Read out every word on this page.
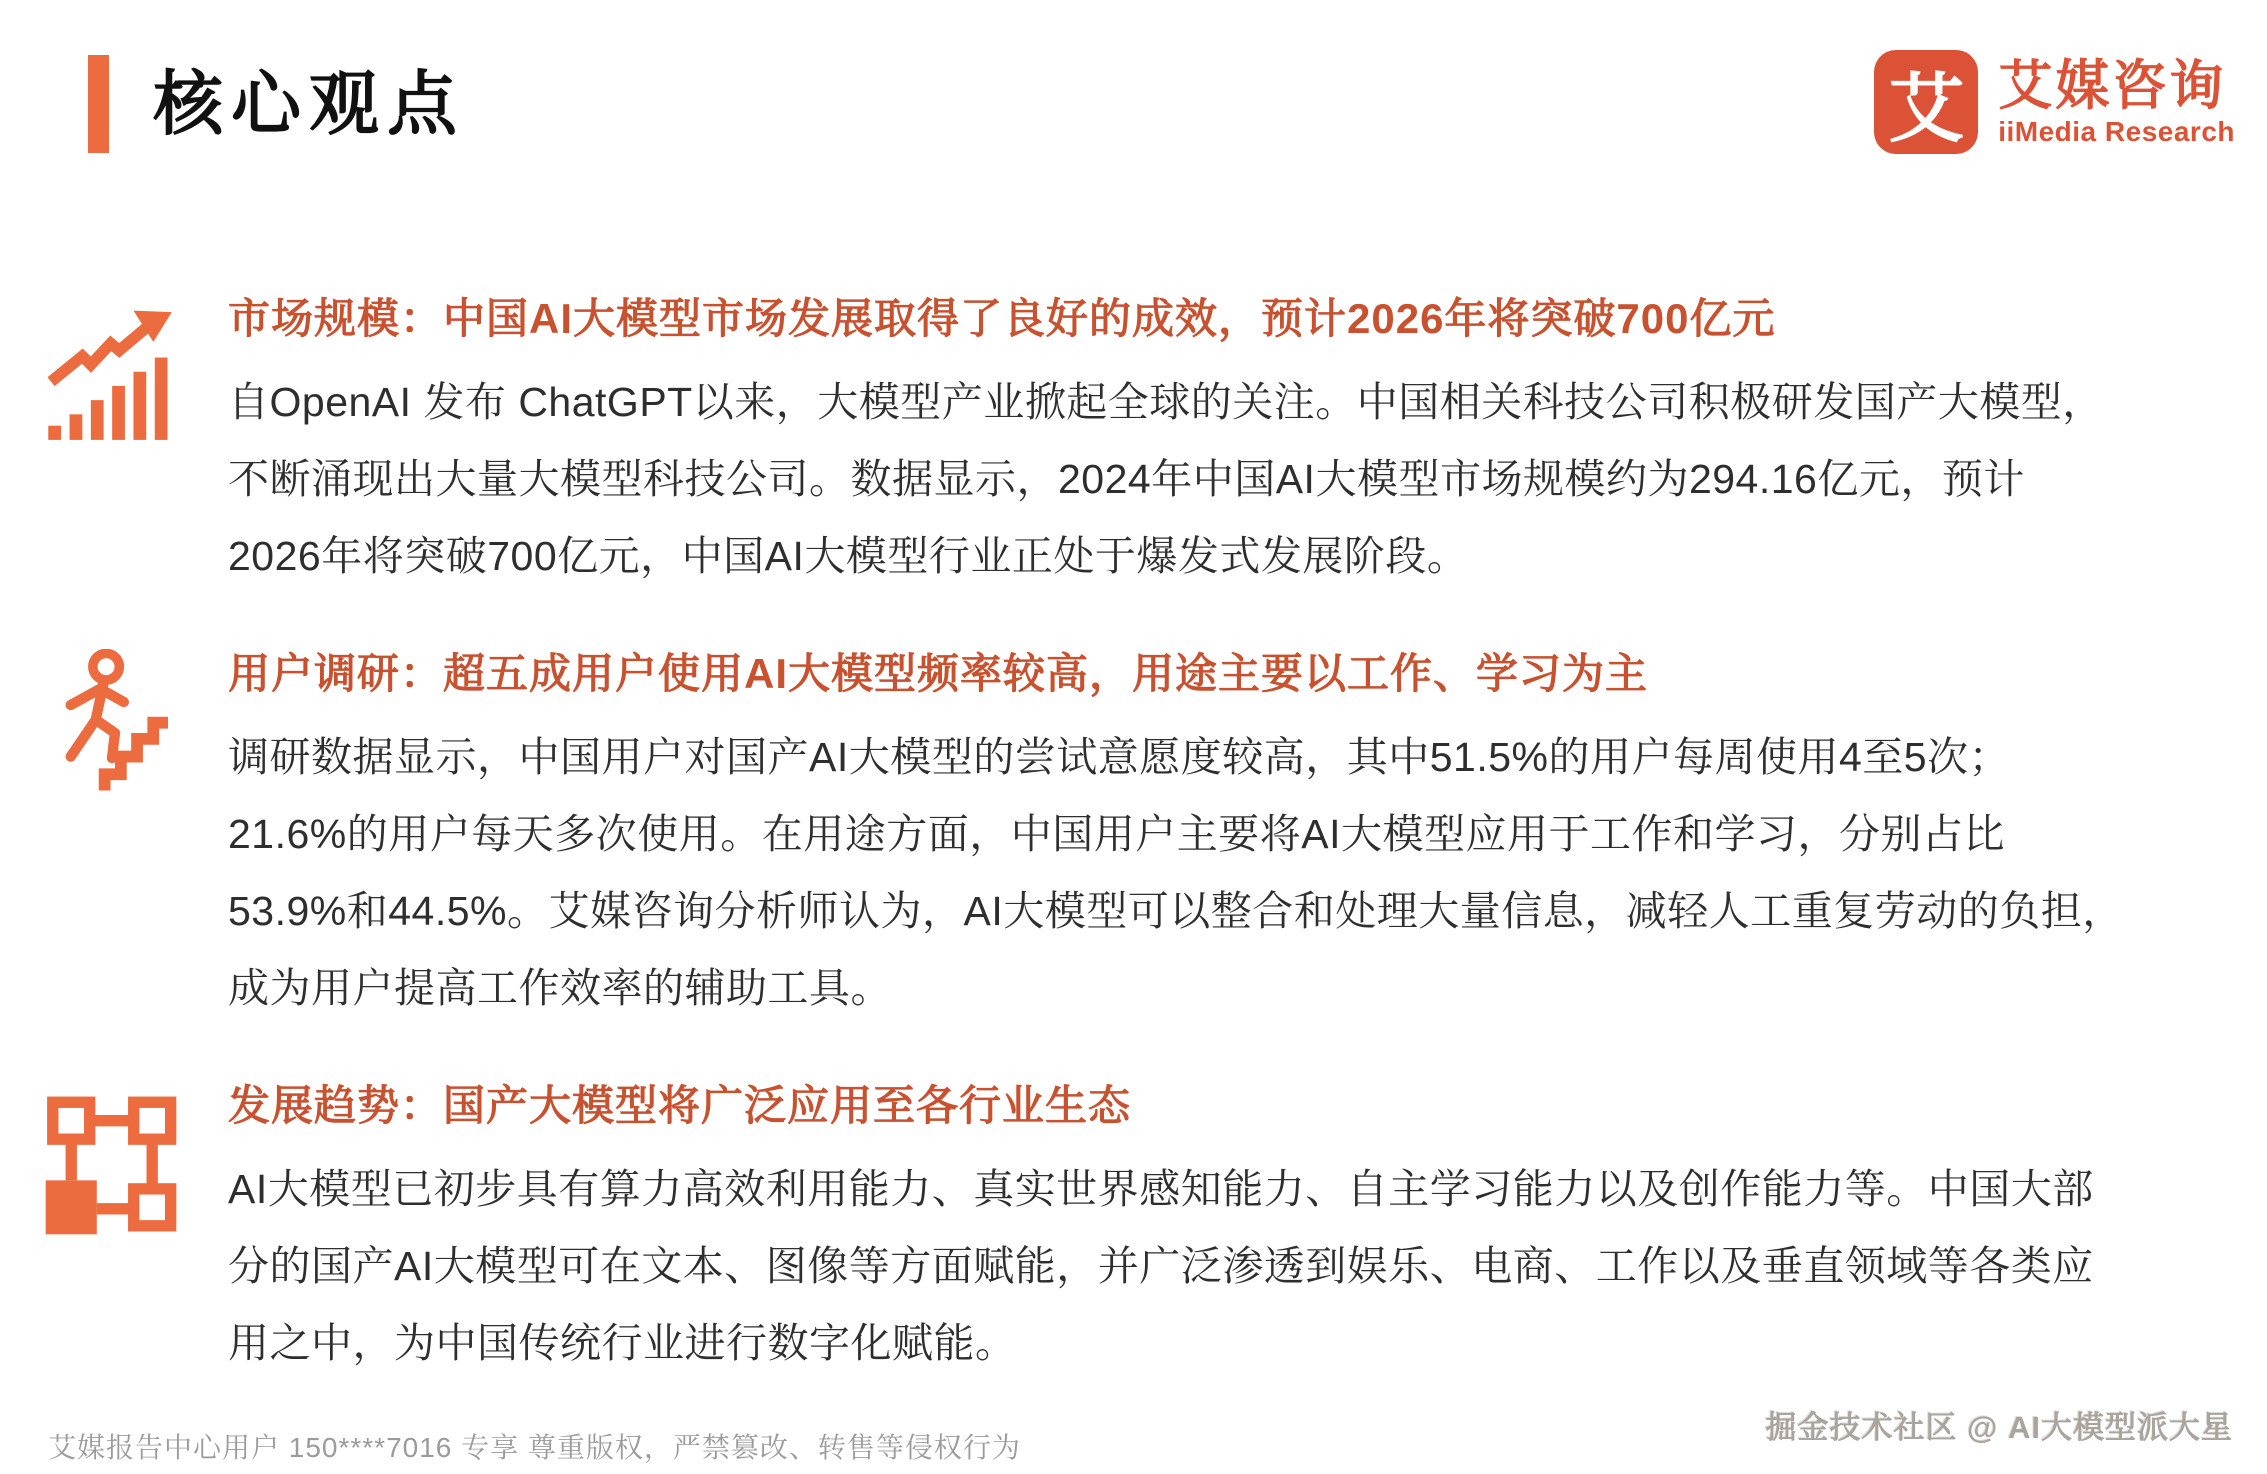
核心观点	艾 艾媒咨询
iiMedia Research
市场规模：中国AI大模型市场发展取得了良好的成效，预计2026年将突破700亿元

自OpenAI 发布 ChatGPT以来，大模型产业掀起全球的关注。中国相关科技公司积极研发国产大模型，

不断涌现出大量大模型科技公司。数据显示，2024年中国AI大模型市场规模约为294.16亿元，预计

2026年将突破700亿元，中国AI大模型行业正处于爆发式发展阶段。

用户调研：超五成用户使用AI大模型频率较高，用途主要以工作、学习为主

调研数据显示，中国用户对国产AI大模型的尝试意愿度较高，其中51.5%的用户每周使用4至5次；

21.6%的用户每天多次使用。在用途方面，中国用户主要将AI大模型应用于工作和学习，分别占比

53.9%和44.5%。艾媒咨询分析师认为，AI大模型可以整合和处理大量信息，减轻人工重复劳动的负担，

成为用户提高工作效率的辅助工具。

发展趋势：国产大模型将广泛应用至各行业生态

AI大模型已初步具有算力高效利用能力、真实世界感知能力、自主学习能力以及创作能力等。中国大部

分的国产AI大模型可在文本、图像等方面赋能，并广泛渗透到娱乐、电商、工作以及垂直领域等各类应

用之中，为中国传统行业进行数字化赋能。

艾媒报告中心用户 150****7016 专享 尊重版权，严禁篡改、转售等侵权行为
掘金技术社区 @ AI大模型派大星
